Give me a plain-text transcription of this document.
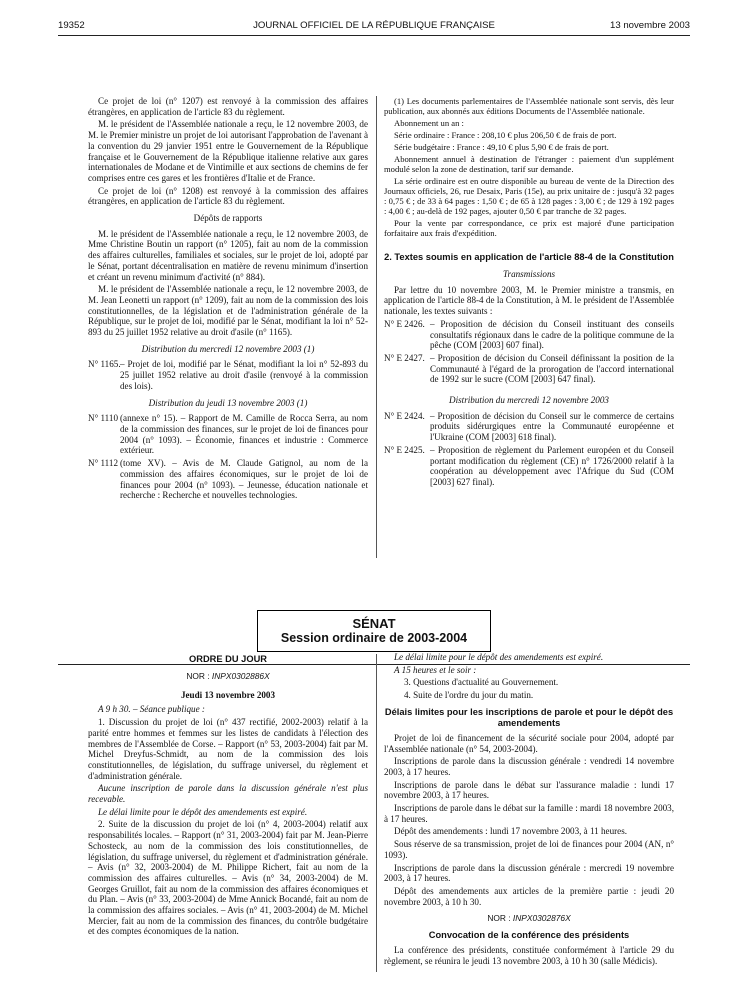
19352	JOURNAL OFFICIEL DE LA RÉPUBLIQUE FRANÇAISE	13 novembre 2003

Ce projet de loi (n° 1207) est renvoyé à la commission des affaires étrangères, en application de l'article 83 du règlement.

M. le président de l'Assemblée nationale a reçu, le 12 novembre 2003, de M. le Premier ministre un projet de loi autorisant l'approbation de l'avenant à la convention du 29 janvier 1951 entre le Gouvernement de la République française et le Gouvernement de la République italienne relative aux gares internationales de Modane et de Vintimille et aux sections de chemins de fer comprises entre ces gares et les frontières d'Italie et de France.

Ce projet de loi (n° 1208) est renvoyé à la commission des affaires étrangères, en application de l'article 83 du règlement.

Dépôts de rapports

M. le président de l'Assemblée nationale a reçu, le 12 novembre 2003, de Mme Christine Boutin un rapport (n° 1205), fait au nom de la commission des affaires culturelles, familiales et sociales, sur le projet de loi, adopté par le Sénat, portant décentralisation en matière de revenu minimum d'insertion et créant un revenu minimum d'activité (n° 884).

M. le président de l'Assemblée nationale a reçu, le 12 novembre 2003, de M. Jean Leonetti un rapport (n° 1209), fait au nom de la commission des lois constitutionnelles, de la législation et de l'administration générale de la République, sur le projet de loi, modifié par le Sénat, modifiant la loi n° 52-893 du 25 juillet 1952 relative au droit d'asile (n° 1165).

Distribution du mercredi 12 novembre 2003 (1)

N° 1165. – Projet de loi, modifié par le Sénat, modifiant la loi n° 52-893 du 25 juillet 1952 relative au droit d'asile (renvoyé à la commission des lois).

Distribution du jeudi 13 novembre 2003 (1)

N° 1110 (annexe n° 15). – Rapport de M. Camille de Rocca Serra, au nom de la commission des finances, sur le projet de loi de finances pour 2004 (n° 1093). – Économie, finances et industrie : Commerce extérieur.
N° 1112 (tome XV). – Avis de M. Claude Gatignol, au nom de la commission des affaires économiques, sur le projet de loi de finances pour 2004 (n° 1093). – Jeunesse, éducation nationale et recherche : Recherche et nouvelles technologies.

(1) Les documents parlementaires de l'Assemblée nationale sont servis, dès leur publication, aux abonnés aux éditions Documents de l'Assemblée nationale.

Abonnement un an :

Série ordinaire : France : 208,10 € plus 206,50 € de frais de port.

Série budgétaire : France : 49,10 € plus 5,90 € de frais de port.

Abonnement annuel à destination de l'étranger : paiement d'un supplément modulé selon la zone de destination, tarif sur demande.

La série ordinaire est en outre disponible au bureau de vente de la Direction des Journaux officiels, 26, rue Desaix, Paris (15e), au prix unitaire de : jusqu'à 32 pages : 0,75 € ; de 33 à 64 pages : 1,50 € ; de 65 à 128 pages : 3,00 € ; de 129 à 192 pages : 4,00 € ; au-delà de 192 pages, ajouter 0,50 € par tranche de 32 pages.

Pour la vente par correspondance, ce prix est majoré d'une participation forfaitaire aux frais d'expédition.

2. Textes soumis en application de l'article 88-4 de la Constitution

Transmissions

Par lettre du 10 novembre 2003, M. le Premier ministre a transmis, en application de l'article 88-4 de la Constitution, à M. le président de l'Assemblée nationale, les textes suivants :

N° E 2426. – Proposition de décision du Conseil instituant des conseils consultatifs régionaux dans le cadre de la politique commune de la pêche (COM [2003] 607 final).
N° E 2427. – Proposition de décision du Conseil définissant la position de la Communauté à l'égard de la prorogation de l'accord international de 1992 sur le sucre (COM [2003] 647 final).

Distribution du mercredi 12 novembre 2003

N° E 2424. – Proposition de décision du Conseil sur le commerce de certains produits sidérurgiques entre la Communauté européenne et l'Ukraine (COM [2003] 618 final).
N° E 2425. – Proposition de règlement du Parlement européen et du Conseil portant modification du règlement (CE) n° 1726/2000 relatif à la coopération au développement avec l'Afrique du Sud (COM [2003] 627 final).
SÉNAT
Session ordinaire de 2003-2004

ORDRE DU JOUR

NOR : INPX0302886X

Jeudi 13 novembre 2003

A 9 h 30. – Séance publique :

1. Discussion du projet de loi (n° 437 rectifié, 2002-2003) relatif à la parité entre hommes et femmes sur les listes de candidats à l'élection des membres de l'Assemblée de Corse. – Rapport (n° 53, 2003-2004) fait par M. Michel Dreyfus-Schmidt, au nom de la commission des lois constitutionnelles, de législation, du suffrage universel, du règlement et d'administration générale.

Aucune inscription de parole dans la discussion générale n'est plus recevable.

Le délai limite pour le dépôt des amendements est expiré.

2. Suite de la discussion du projet de loi (n° 4, 2003-2004) relatif aux responsabilités locales. – Rapport (n° 31, 2003-2004) fait par M. Jean-Pierre Schosteck, au nom de la commission des lois constitutionnelles, de législation, du suffrage universel, du règlement et d'administration générale. – Avis (n° 32, 2003-2004) de M. Philippe Richert, fait au nom de la commission des affaires culturelles. – Avis (n° 34, 2003-2004) de M. Georges Gruillot, fait au nom de la commission des affaires économiques et du Plan. – Avis (n° 33, 2003-2004) de Mme Annick Bocandé, fait au nom de la commission des affaires sociales. – Avis (n° 41, 2003-2004) de M. Michel Mercier, fait au nom de la commission des finances, du contrôle budgétaire et des comptes économiques de la nation.

Le délai limite pour le dépôt des amendements est expiré.

A 15 heures et le soir :

3. Questions d'actualité au Gouvernement.

4. Suite de l'ordre du jour du matin.

Délais limites pour les inscriptions de parole et pour le dépôt des amendements

Projet de loi de financement de la sécurité sociale pour 2004, adopté par l'Assemblée nationale (n° 54, 2003-2004).

Inscriptions de parole dans la discussion générale : vendredi 14 novembre 2003, à 17 heures.

Inscriptions de parole dans le débat sur l'assurance maladie : lundi 17 novembre 2003, à 17 heures.

Inscriptions de parole dans le débat sur la famille : mardi 18 novembre 2003, à 17 heures.

Dépôt des amendements : lundi 17 novembre 2003, à 11 heures.

Sous réserve de sa transmission, projet de loi de finances pour 2004 (AN, n° 1093).

Inscriptions de parole dans la discussion générale : mercredi 19 novembre 2003, à 17 heures.

Dépôt des amendements aux articles de la première partie : jeudi 20 novembre 2003, à 10 h 30.

NOR : INPX0302876X

Convocation de la conférence des présidents

La conférence des présidents, constituée conformément à l'article 29 du règlement, se réunira le jeudi 13 novembre 2003, à 10 h 30 (salle Médicis).
